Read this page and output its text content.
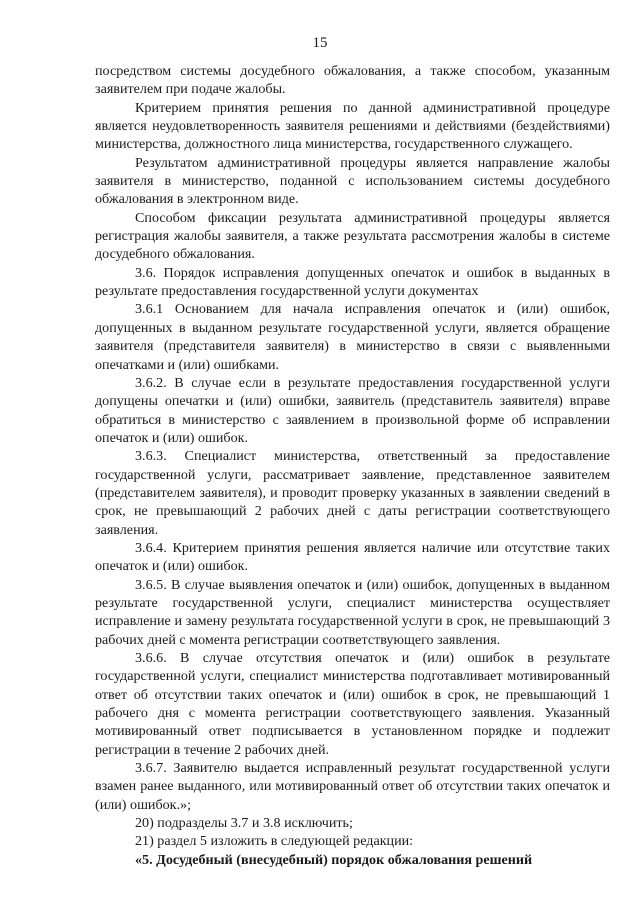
15

посредством системы досудебного обжалования, а также способом, указанным заявителем при подаче жалобы.

Критерием принятия решения по данной административной процедуре является неудовлетворенность заявителя решениями и действиями (бездействиями) министерства, должностного лица министерства, государственного служащего.

Результатом административной процедуры является направление жалобы заявителя в министерство, поданной с использованием системы досудебного обжалования в электронном виде.

Способом фиксации результата административной процедуры является регистрация жалобы заявителя, а также результата рассмотрения жалобы в системе досудебного обжалования.

3.6. Порядок исправления допущенных опечаток и ошибок в выданных в результате предоставления государственной услуги документах

3.6.1 Основанием для начала исправления опечаток и (или) ошибок, допущенных в выданном результате государственной услуги, является обращение заявителя (представителя заявителя) в министерство в связи с выявленными опечатками и (или) ошибками.

3.6.2. В случае если в результате предоставления государственной услуги допущены опечатки и (или) ошибки, заявитель (представитель заявителя) вправе обратиться в министерство с заявлением в произвольной форме об исправлении опечаток и (или) ошибок.

3.6.3. Специалист министерства, ответственный за предоставление государственной услуги, рассматривает заявление, представленное заявителем (представителем заявителя), и проводит проверку указанных в заявлении сведений в срок, не превышающий 2 рабочих дней с даты регистрации соответствующего заявления.

3.6.4. Критерием принятия решения является наличие или отсутствие таких опечаток и (или) ошибок.

3.6.5. В случае выявления опечаток и (или) ошибок, допущенных в выданном результате государственной услуги, специалист министерства осуществляет исправление и замену результата государственной услуги в срок, не превышающий 3 рабочих дней с момента регистрации соответствующего заявления.

3.6.6. В случае отсутствия опечаток и (или) ошибок в результате государственной услуги, специалист министерства подготавливает мотивированный ответ об отсутствии таких опечаток и (или) ошибок в срок, не превышающий 1 рабочего дня с момента регистрации соответствующего заявления. Указанный мотивированный ответ подписывается в установленном порядке и подлежит регистрации в течение 2 рабочих дней.

3.6.7. Заявителю выдается исправленный результат государственной услуги взамен ранее выданного, или мотивированный ответ об отсутствии таких опечаток и (или) ошибок.»;

20) подразделы 3.7 и 3.8 исключить;

21) раздел 5 изложить в следующей редакции:

«5. Досудебный (внесудебный) порядок обжалования решений
